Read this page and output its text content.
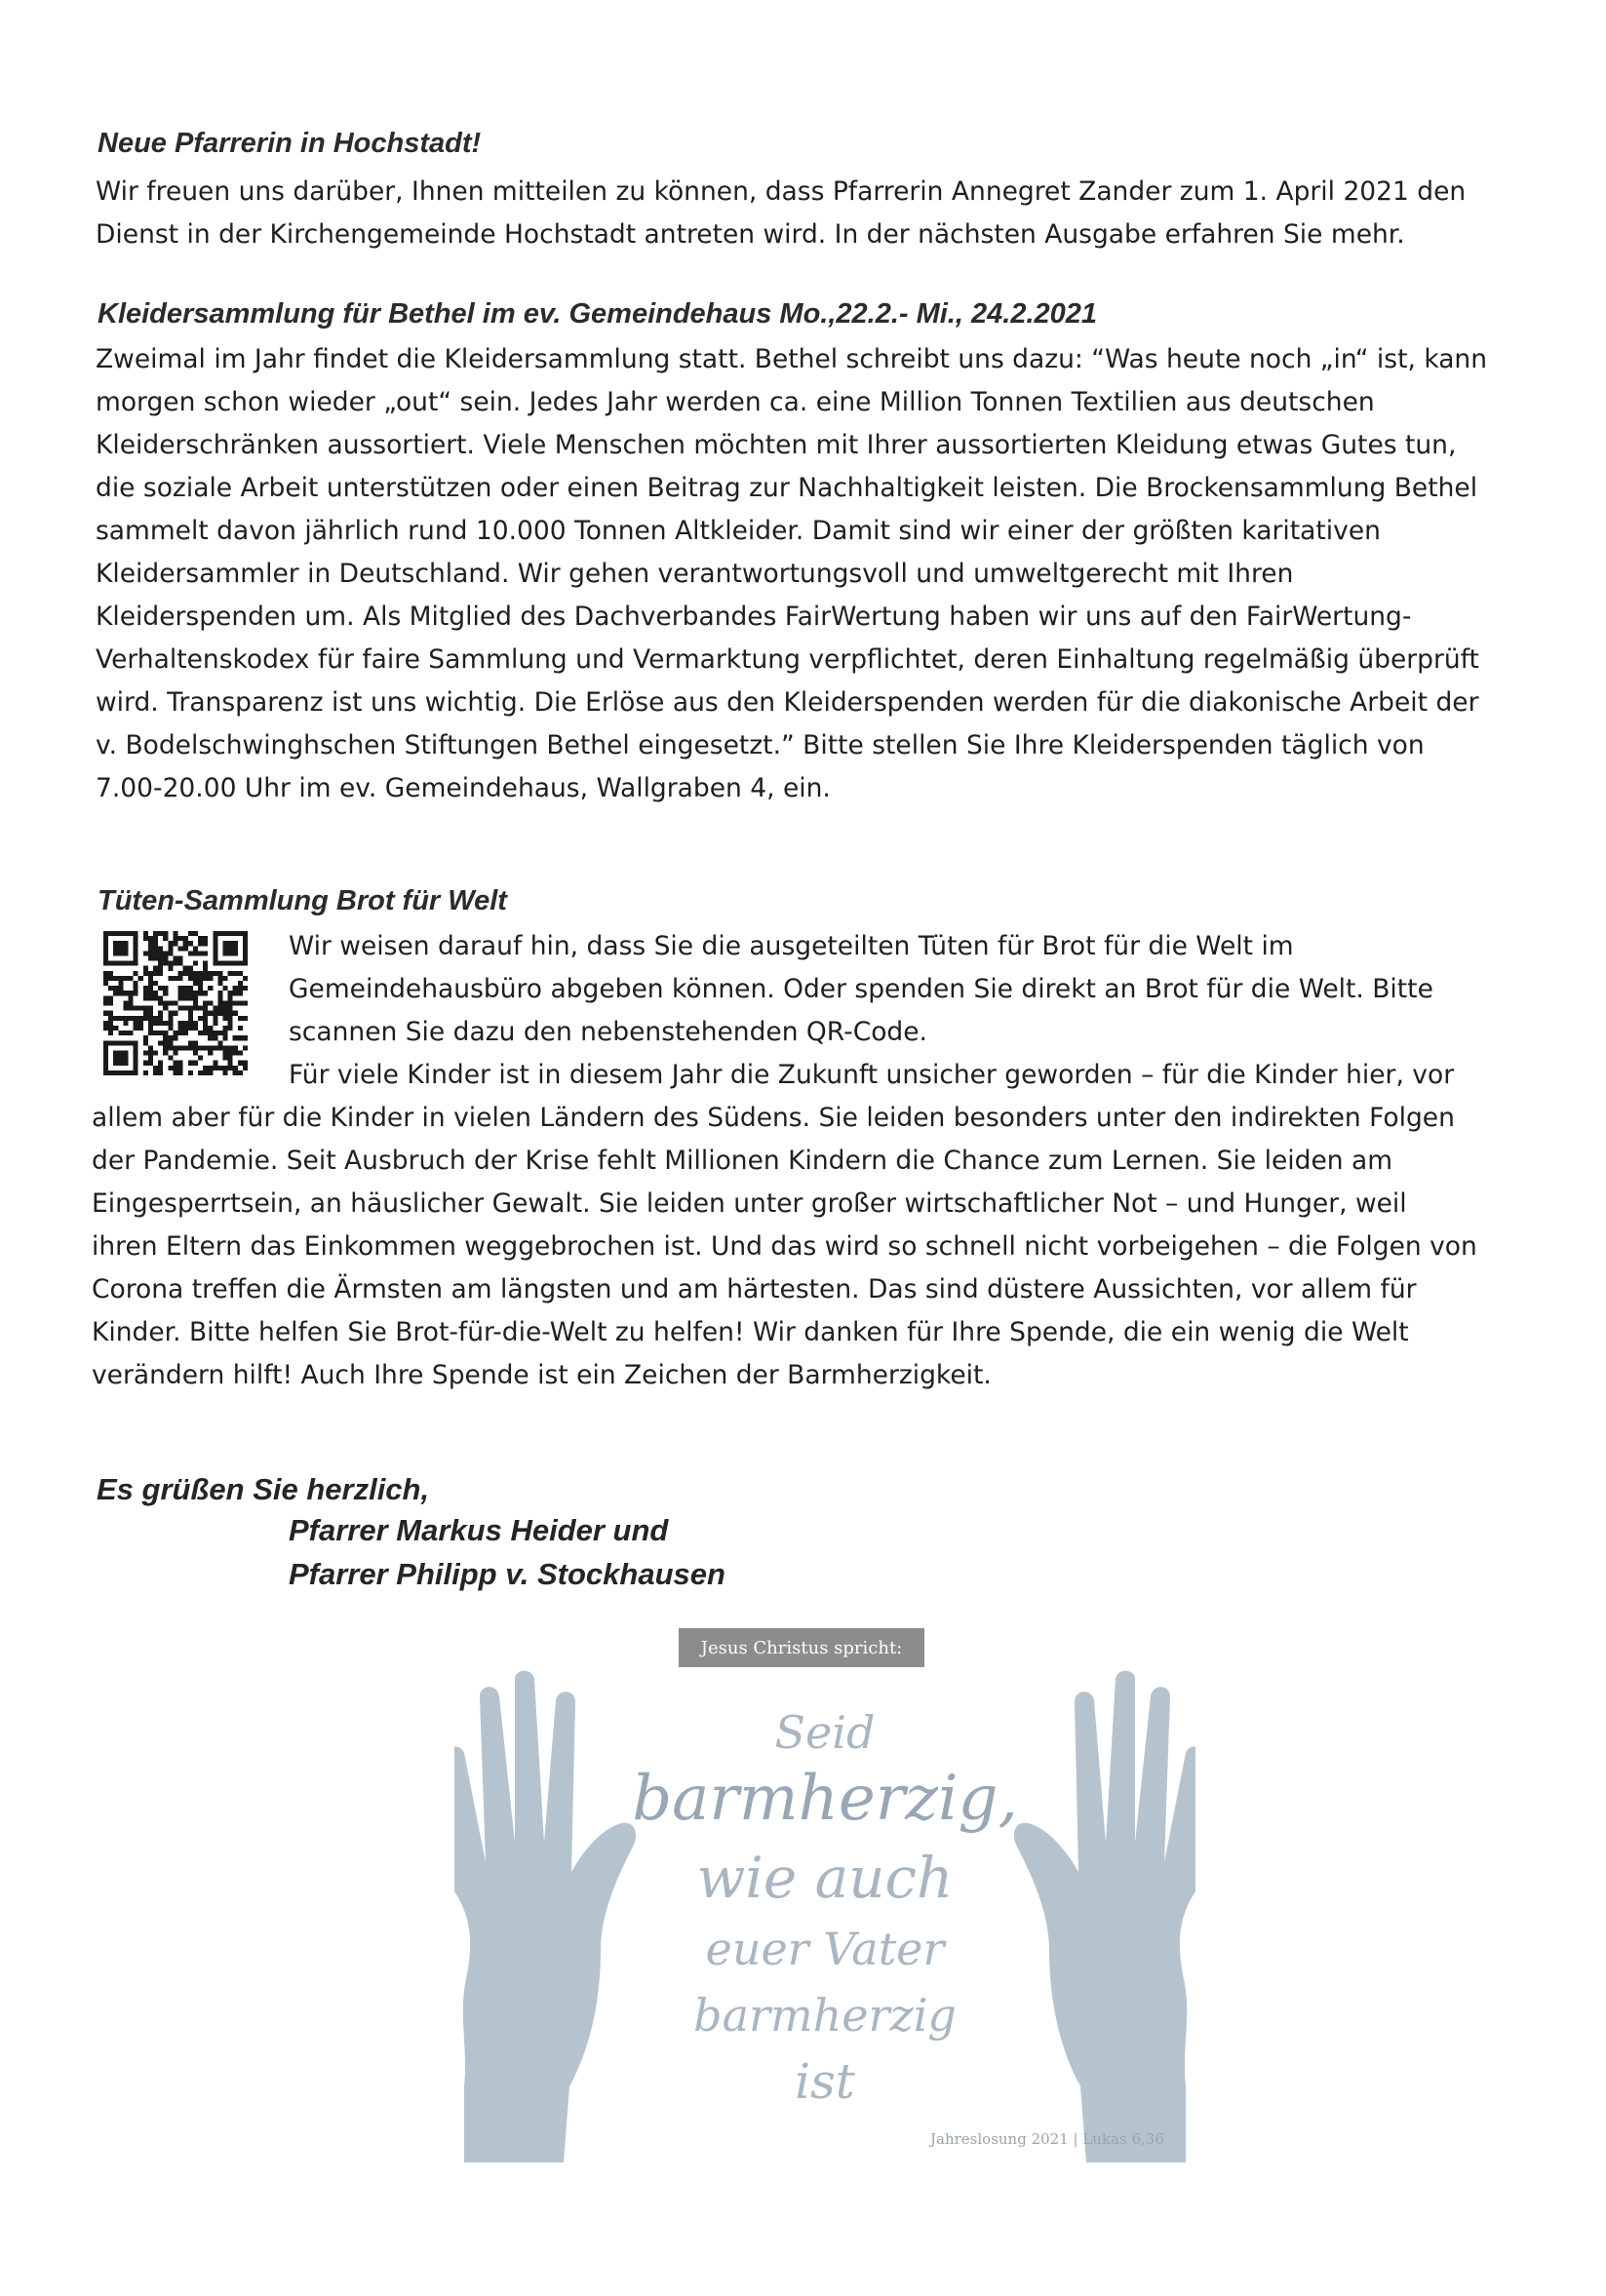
Neue Pfarrerin in Hochstadt!

Wir freuen uns darüber, Ihnen mitteilen zu können, dass Pfarrerin Annegret Zander zum 1. April 2021 den
Dienst in der Kirchengemeinde Hochstadt antreten wird. In der nächsten Ausgabe erfahren Sie mehr.

Kleidersammlung für Bethel im ev. Gemeindehaus Mo.,22.2.- Mi., 24.2.2021

Zweimal im Jahr findet die Kleidersammlung statt. Bethel schreibt uns dazu: “Was heute noch „in“ ist, kann
morgen schon wieder „out“ sein. Jedes Jahr werden ca. eine Million Tonnen Textilien aus deutschen
Kleiderschränken aussortiert. Viele Menschen möchten mit Ihrer aussortierten Kleidung etwas Gutes tun,
die soziale Arbeit unterstützen oder einen Beitrag zur Nachhaltigkeit leisten. Die Brockensammlung Bethel
sammelt davon jährlich rund 10.000 Tonnen Altkleider. Damit sind wir einer der größten karitativen
Kleidersammler in Deutschland. Wir gehen verantwortungsvoll und umweltgerecht mit Ihren
Kleiderspenden um. Als Mitglied des Dachverbandes FairWertung haben wir uns auf den FairWertung-
Verhaltenskodex für faire Sammlung und Vermarktung verpflichtet, deren Einhaltung regelmäßig überprüft
wird. Transparenz ist uns wichtig. Die Erlöse aus den Kleiderspenden werden für die diakonische Arbeit der
v. Bodelschwinghschen Stiftungen Bethel eingesetzt.” Bitte stellen Sie Ihre Kleiderspenden täglich von
7.00-20.00 Uhr im ev. Gemeindehaus, Wallgraben 4, ein.

Tüten-Sammlung Brot für Welt

Wir weisen darauf hin, dass Sie die ausgeteilten Tüten für Brot für die Welt im
Gemeindehausbüro abgeben können. Oder spenden Sie direkt an Brot für die Welt. Bitte
scannen Sie dazu den nebenstehenden QR-Code.
Für viele Kinder ist in diesem Jahr die Zukunft unsicher geworden – für die Kinder hier, vor

allem aber für die Kinder in vielen Ländern des Südens. Sie leiden besonders unter den indirekten Folgen
der Pandemie. Seit Ausbruch der Krise fehlt Millionen Kindern die Chance zum Lernen. Sie leiden am
Eingesperrtsein, an häuslicher Gewalt. Sie leiden unter großer wirtschaftlicher Not – und Hunger, weil
ihren Eltern das Einkommen weggebrochen ist. Und das wird so schnell nicht vorbeigehen – die Folgen von
Corona treffen die Ärmsten am längsten und am härtesten. Das sind düstere Aussichten, vor allem für
Kinder. Bitte helfen Sie Brot-für-die-Welt zu helfen! Wir danken für Ihre Spende, die ein wenig die Welt
verändern hilft! Auch Ihre Spende ist ein Zeichen der Barmherzigkeit.

Es grüßen Sie herzlich,
Pfarrer Markus Heider und
Pfarrer Philipp v. Stockhausen
Jesus Christus spricht:
Seid
barmherzig,
wie auch
euer Vater
barmherzig
ist
Jahreslosung 2021 | Lukas 6,36
